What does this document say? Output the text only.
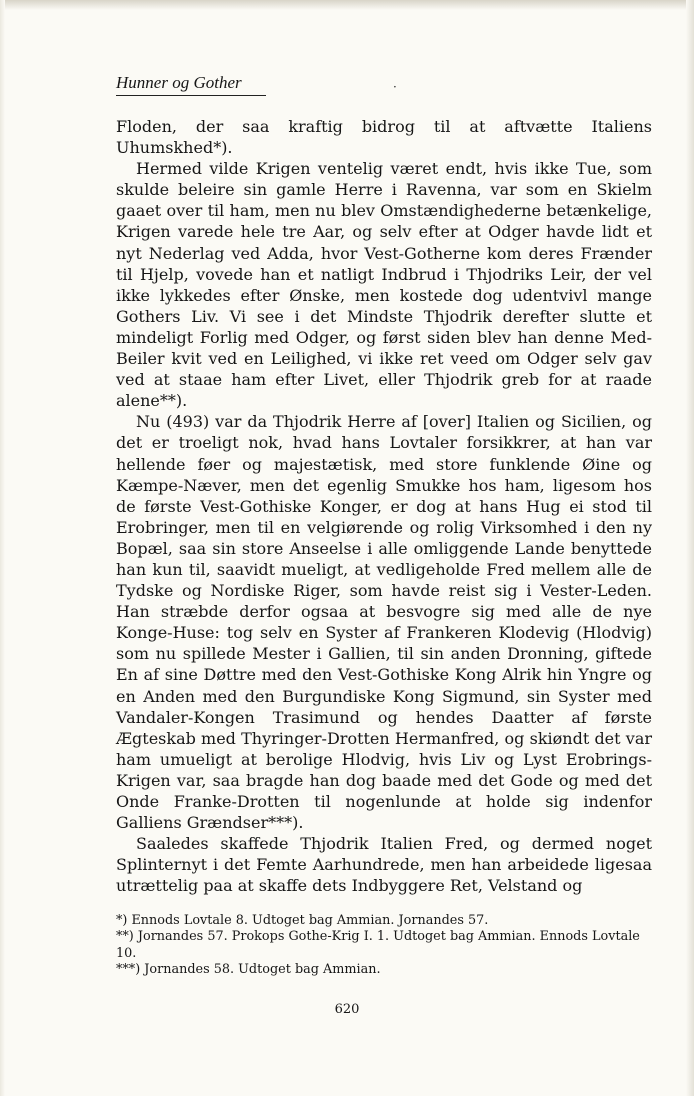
Hunner og Gother	·

Floden, der saa kraftig bidrog til at aftvætte Italiens Uhumskhed*).

Hermed vilde Krigen ventelig været endt, hvis ikke Tue, som skulde beleire sin gamle Herre i Ravenna, var som en Skielm gaaet over til ham, men nu blev Omstændighederne betænkelige, Krigen varede hele tre Aar, og selv efter at Odger havde lidt et nyt Nederlag ved Adda, hvor Vest-Gotherne kom deres Frænder til Hjelp, vovede han et natligt Indbrud i Thjodriks Leir, der vel ikke lykkedes efter Ønske, men kostede dog udentvivl mange Gothers Liv. Vi see i det Mindste Thjodrik derefter slutte et mindeligt Forlig med Odger, og først siden blev han denne Med-Beiler kvit ved en Leilighed, vi ikke ret veed om Odger selv gav ved at staae ham efter Livet, eller Thjodrik greb for at raade alene**).

Nu (493) var da Thjodrik Herre af [over] Italien og Sicilien, og det er troeligt nok, hvad hans Lovtaler forsikkrer, at han var hellende føer og majestætisk, med store funklende Øine og Kæmpe-Næver, men det egenlig Smukke hos ham, ligesom hos de første Vest-Gothiske Konger, er dog at hans Hug ei stod til Erobringer, men til en velgiørende og rolig Virksomhed i den ny Bopæl, saa sin store Anseelse i alle omliggende Lande benyttede han kun til, saavidt mueligt, at vedligeholde Fred mellem alle de Tydske og Nordiske Riger, som havde reist sig i Vester-Leden. Han stræbde derfor ogsaa at besvogre sig med alle de nye Konge-Huse: tog selv en Syster af Frankeren Klodevig (Hlodvig) som nu spillede Mester i Gallien, til sin anden Dronning, giftede En af sine Døttre med den Vest-Gothiske Kong Alrik hin Yngre og en Anden med den Burgundiske Kong Sigmund, sin Syster med Vandaler-Kongen Trasimund og hendes Daatter af første Ægteskab med Thyringer-Drotten Hermanfred, og skiøndt det var ham umueligt at berolige Hlodvig, hvis Liv og Lyst Erobrings-Krigen var, saa bragde han dog baade med det Gode og med det Onde Franke-Drotten til nogenlunde at holde sig indenfor Galliens Grændser***).

Saaledes skaffede Thjodrik Italien Fred, og dermed noget Splinternyt i det Femte Aarhundrede, men han arbeidede ligesaa utrættelig paa at skaffe dets Indbyggere Ret, Velstand og

*) Ennods Lovtale 8. Udtoget bag Ammian. Jornandes 57.

**) Jornandes 57. Prokops Gothe-Krig I. 1. Udtoget bag Ammian. Ennods Lovtale 10.

***) Jornandes 58. Udtoget bag Ammian.

620
